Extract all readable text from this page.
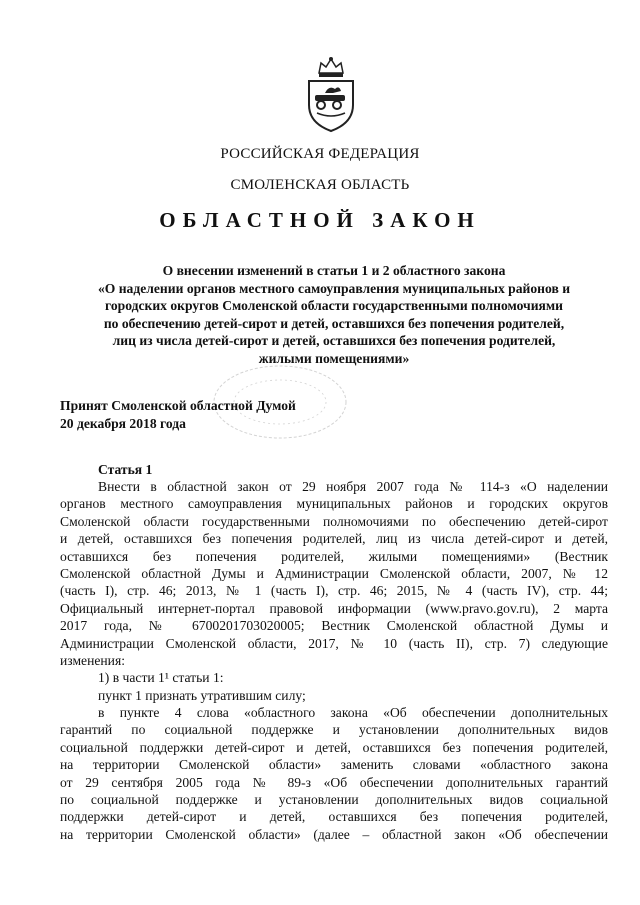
РОССИЙСКАЯ ФЕДЕРАЦИЯ
СМОЛЕНСКАЯ ОБЛАСТЬ
ОБЛАСТНОЙ ЗАКОН
О внесении изменений в статьи 1 и 2 областного закона
«О наделении органов местного самоуправления муниципальных районов и
городских округов Смоленской области государственными полномочиями
по обеспечению детей-сирот и детей, оставшихся без попечения родителей,
лиц из числа детей-сирот и детей, оставшихся без попечения родителей,
жилыми помещениями»
Принят Смоленской областной Думой
20 декабря 2018 года
Статья 1
Внести в областной закон от 29 ноября 2007 года № 114-з «О наделении
органов местного самоуправления муниципальных районов и городских округов
Смоленской области государственными полномочиями по обеспечению детей-сирот
и детей, оставшихся без попечения родителей, лиц из числа детей-сирот и детей,
оставшихся без попечения родителей, жилыми помещениями» (Вестник
Смоленской областной Думы и Администрации Смоленской области, 2007, № 12
(часть I), стр. 46; 2013, № 1 (часть I), стр. 46; 2015, № 4 (часть IV), стр. 44;
Официальный интернет-портал правовой информации (www.pravo.gov.ru), 2 марта
2017 года, № 6700201703020005; Вестник Смоленской областной Думы и
Администрации Смоленской области, 2017, № 10 (часть II), стр. 7) следующие
изменения:
1) в части 1¹ статьи 1:
пункт 1 признать утратившим силу;
в пункте 4 слова «областного закона «Об обеспечении дополнительных
гарантий по социальной поддержке и установлении дополнительных видов
социальной поддержки детей-сирот и детей, оставшихся без попечения родителей,
на территории Смоленской области» заменить словами «областного закона
от 29 сентября 2005 года № 89-з «Об обеспечении дополнительных гарантий
по социальной поддержке и установлении дополнительных видов социальной
поддержки детей-сирот и детей, оставшихся без попечения родителей,
на территории Смоленской области» (далее – областной закон «Об обеспечении
